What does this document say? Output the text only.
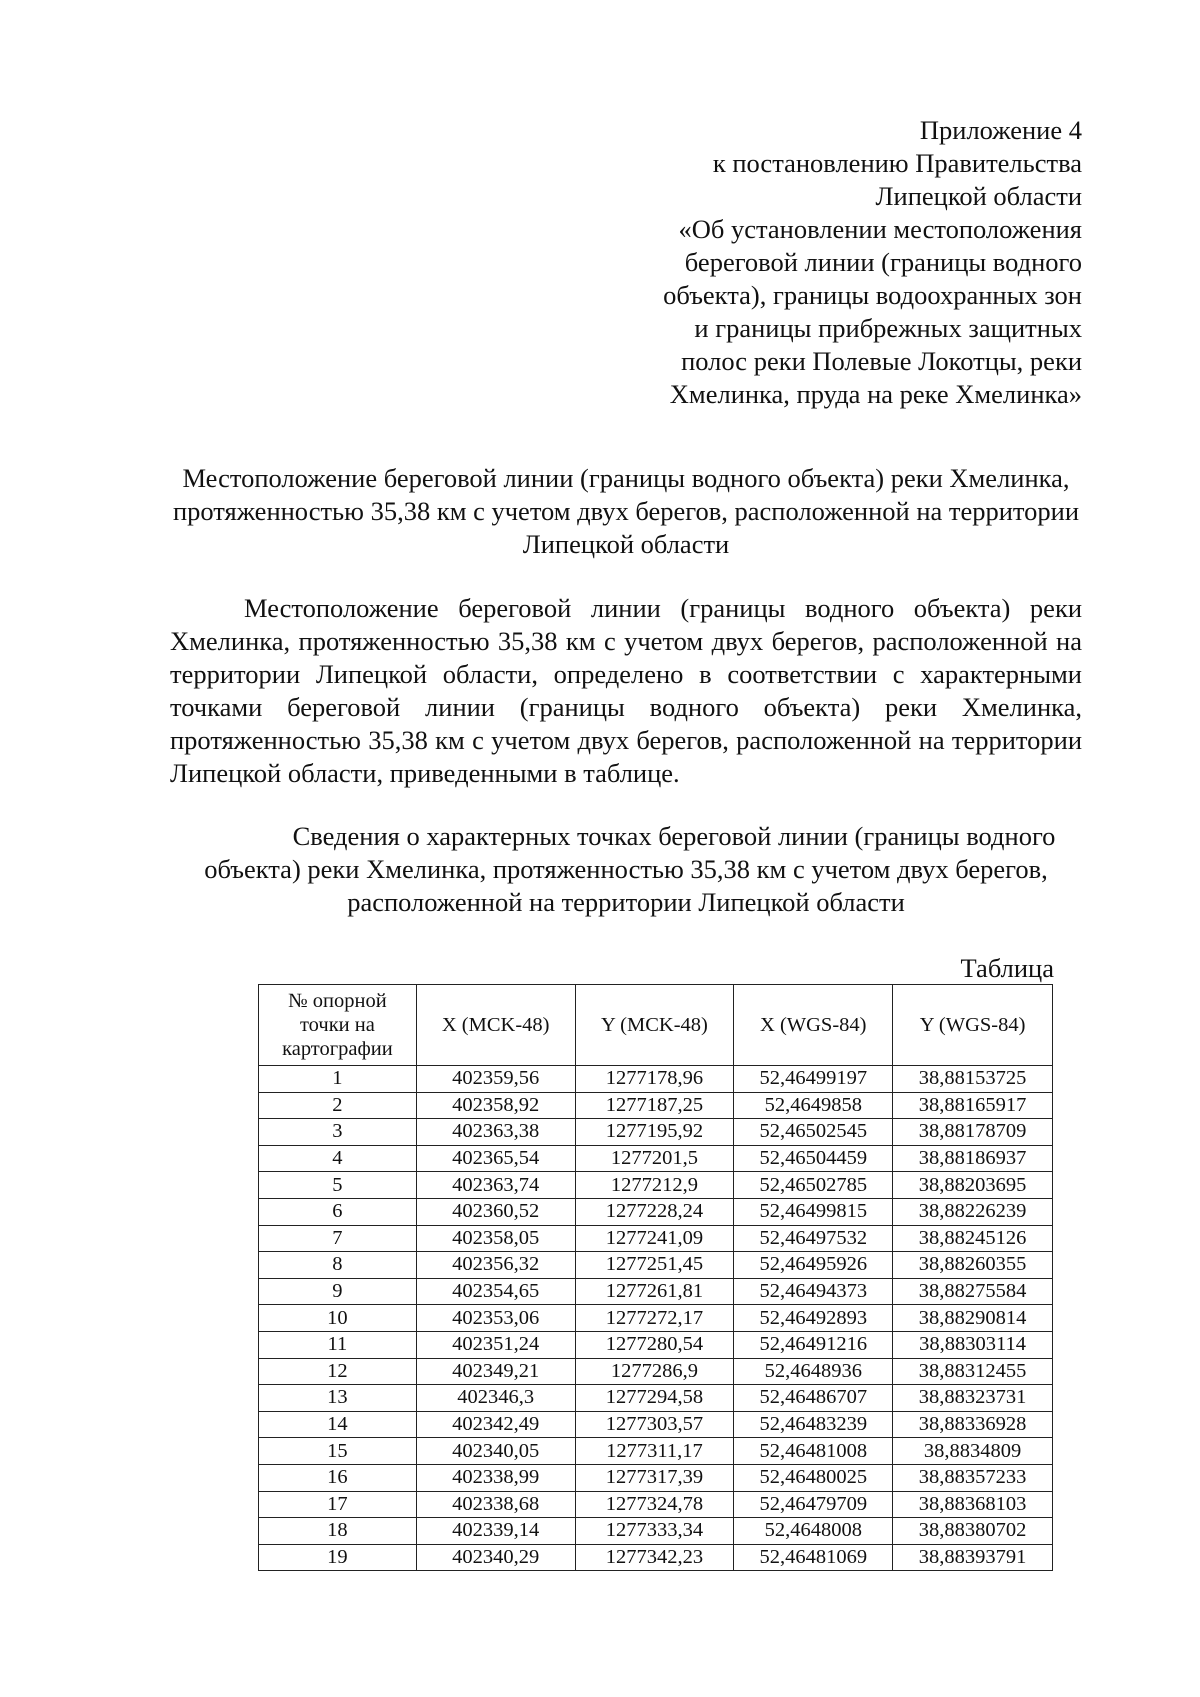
Приложение 4
к постановлению Правительства
Липецкой области
«Об установлении местоположения
береговой линии (границы водного
объекта), границы водоохранных зон
и границы прибрежных защитных
полос реки Полевые Локотцы, реки
Хмелинка, пруда на реке Хмелинка»
Местоположение береговой линии (границы водного объекта) реки Хмелинка,
протяженностью 35,38 км с учетом двух берегов, расположенной на территории
Липецкой области
Местоположение береговой линии (границы водного объекта) реки
Хмелинка, протяженностью 35,38 км с учетом двух берегов, расположенной на
территории Липецкой области, определено в соответствии с характерными
точками береговой линии (границы водного объекта) реки Хмелинка,
протяженностью 35,38 км с учетом двух берегов, расположенной на территории
Липецкой области, приведенными в таблице.
Сведения о характерных точках береговой линии (границы водного
объекта) реки Хмелинка, протяженностью 35,38 км с учетом двух берегов,
расположенной на территории Липецкой области
Таблица
№ опорной
точки на
картографии	X (MCK-48)	Y (MCK-48)	X (WGS-84)	Y (WGS-84)
1	402359,56	1277178,96	52,46499197	38,88153725
2	402358,92	1277187,25	52,4649858	38,88165917
3	402363,38	1277195,92	52,46502545	38,88178709
4	402365,54	1277201,5	52,46504459	38,88186937
5	402363,74	1277212,9	52,46502785	38,88203695
6	402360,52	1277228,24	52,46499815	38,88226239
7	402358,05	1277241,09	52,46497532	38,88245126
8	402356,32	1277251,45	52,46495926	38,88260355
9	402354,65	1277261,81	52,46494373	38,88275584
10	402353,06	1277272,17	52,46492893	38,88290814
11	402351,24	1277280,54	52,46491216	38,88303114
12	402349,21	1277286,9	52,4648936	38,88312455
13	402346,3	1277294,58	52,46486707	38,88323731
14	402342,49	1277303,57	52,46483239	38,88336928
15	402340,05	1277311,17	52,46481008	38,8834809
16	402338,99	1277317,39	52,46480025	38,88357233
17	402338,68	1277324,78	52,46479709	38,88368103
18	402339,14	1277333,34	52,4648008	38,88380702
19	402340,29	1277342,23	52,46481069	38,88393791
